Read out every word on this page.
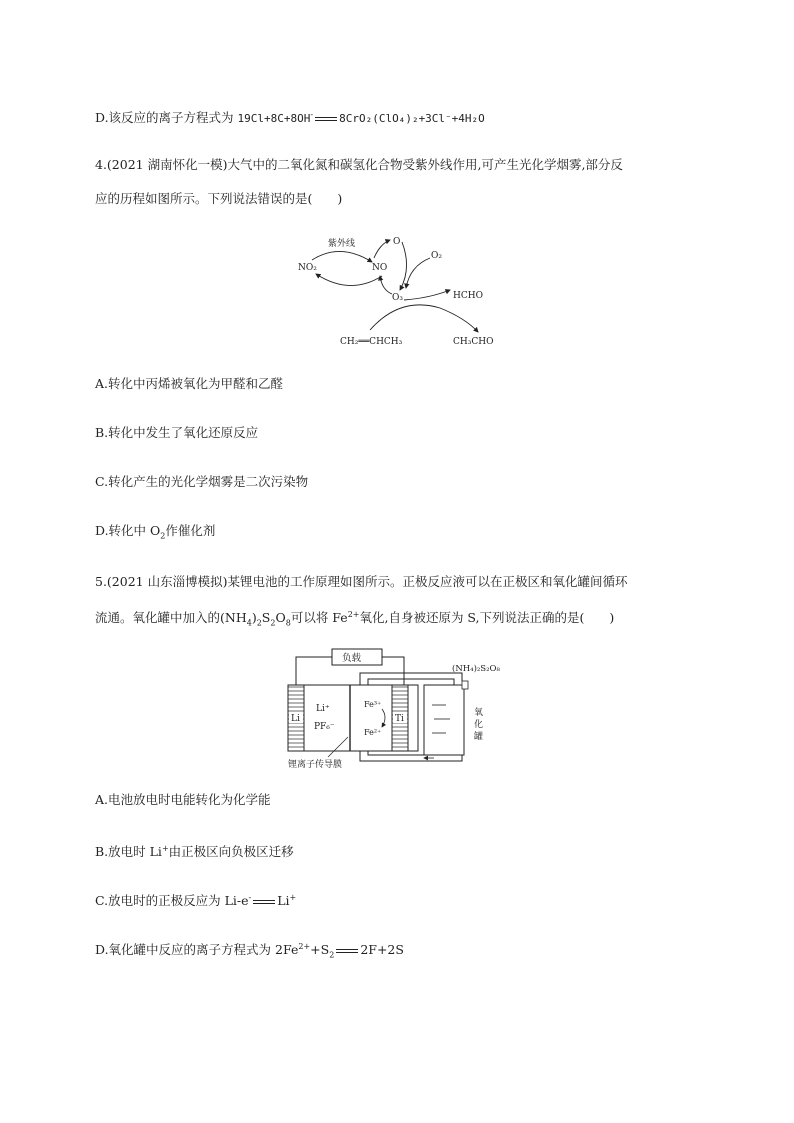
D.该反应的离子方程式为 19Cl+8C+8OH- 8CrO₂(ClO₄)₂+3Cl⁻+4H₂O
4.(2021 湖南怀化一模)大气中的二氧化氮和碳氢化合物受紫外线作用,可产生光化学烟雾,部分反
应的历程如图所示。下列说法错误的是(　　)
紫外线
NO₂	NO
O
O₂
O₃	HCHO
CH₂══CHCH₃	CH₃CHO
A.转化中丙烯被氧化为甲醛和乙醛
B.转化中发生了氧化还原反应
C.转化产生的光化学烟雾是二次污染物
D.转化中 $O_2$作催化剂
5.(2021 山东淄博模拟)某锂电池的工作原理如图所示。正极反应液可以在正极区和氧化罐间循环
流通。氧化罐中加入的$(NH_4)_2S_2O_8$可以将 $Fe^{2+}$氧化,自身被还原为 S,下列说法正确的是(　　)
负载
Li
Li⁺
PF₆⁻
Ti
Fe³⁺
Fe²⁺
(NH₄)₂S₂O₈
氧
化
罐
锂离子传导膜
A.电池放电时电能转化为化学能
B.放电时 Li+由正极区向负极区迁移
C.放电时的正极反应为 Li-e- Li+
D.氧化罐中反应的离子方程式为 $2Fe^{2+}+S_2$ 2F+2S
